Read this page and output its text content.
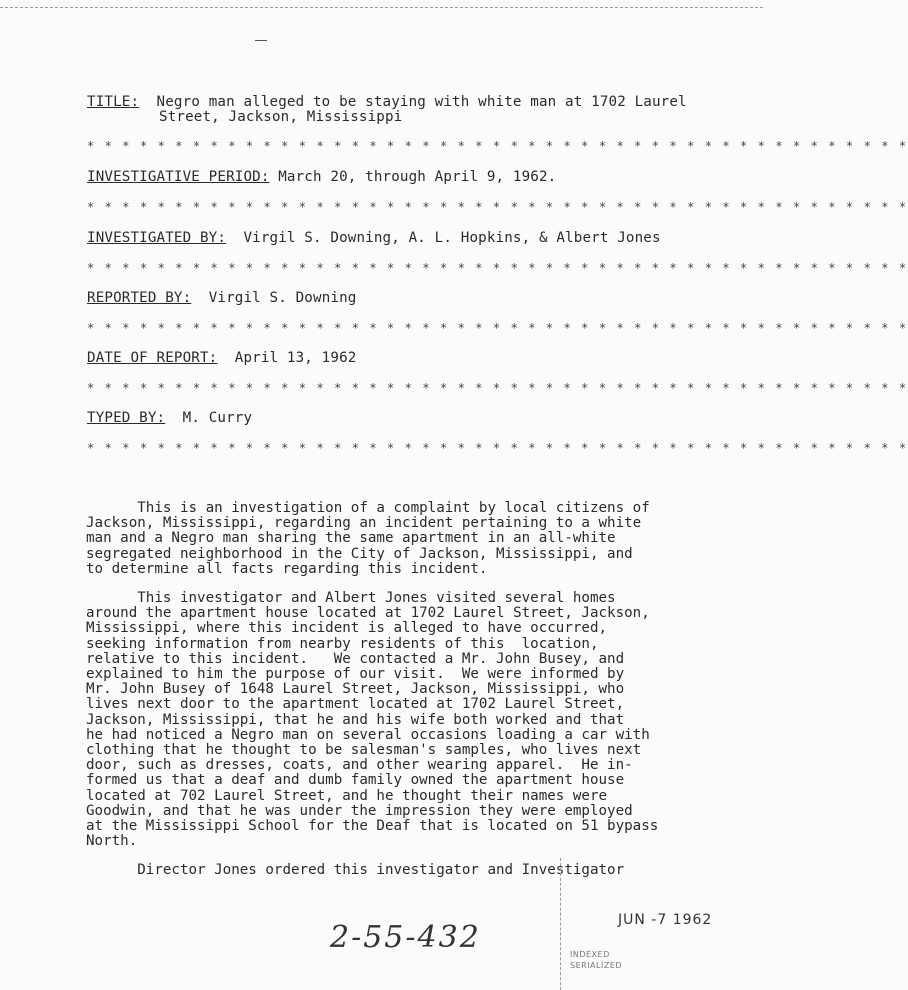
TITLE: Negro man alleged to be staying with white man at 1702 Laurel
Street, Jackson, Mississippi
* * * * * * * * * * * * * * * * * * * * * * * * * * * * * * * * * * * * * * * * * * * * * * *
INVESTIGATIVE PERIOD: March 20, through April 9, 1962.
* * * * * * * * * * * * * * * * * * * * * * * * * * * * * * * * * * * * * * * * * * * * * * *
INVESTIGATED BY: Virgil S. Downing, A. L. Hopkins, & Albert Jones
* * * * * * * * * * * * * * * * * * * * * * * * * * * * * * * * * * * * * * * * * * * * * * *
REPORTED BY: Virgil S. Downing
* * * * * * * * * * * * * * * * * * * * * * * * * * * * * * * * * * * * * * * * * * * * * * *
DATE OF REPORT: April 13, 1962
* * * * * * * * * * * * * * * * * * * * * * * * * * * * * * * * * * * * * * * * * * * * * * *
TYPED BY: M. Curry
* * * * * * * * * * * * * * * * * * * * * * * * * * * * * * * * * * * * * * * * * * * * * * *

This is an investigation of a complaint by local citizens of

Jackson, Mississippi, regarding an incident pertaining to a white

man and a Negro man sharing the same apartment in an all-white

segregated neighborhood in the City of Jackson, Mississippi, and

to determine all facts regarding this incident.

This investigator and Albert Jones visited several homes

around the apartment house located at 1702 Laurel Street, Jackson,

Mississippi, where this incident is alleged to have occurred,

seeking information from nearby residents of this  location,

relative to this incident.   We contacted a Mr. John Busey, and

explained to him the purpose of our visit.  We were informed by

Mr. John Busey of 1648 Laurel Street, Jackson, Mississippi, who

lives next door to the apartment located at 1702 Laurel Street,

Jackson, Mississippi, that he and his wife both worked and that

he had noticed a Negro man on several occasions loading a car with

clothing that he thought to be salesman's samples, who lives next

door, such as dresses, coats, and other wearing apparel.  He in-

formed us that a deaf and dumb family owned the apartment house

located at 702 Laurel Street, and he thought their names were

Goodwin, and that he was under the impression they were employed

at the Mississippi School for the Deaf that is located on 51 bypass

North.

Director Jones ordered this investigator and Investigator

JUN -7 1962
INDEXED
SERIALIZED
2-55-432
